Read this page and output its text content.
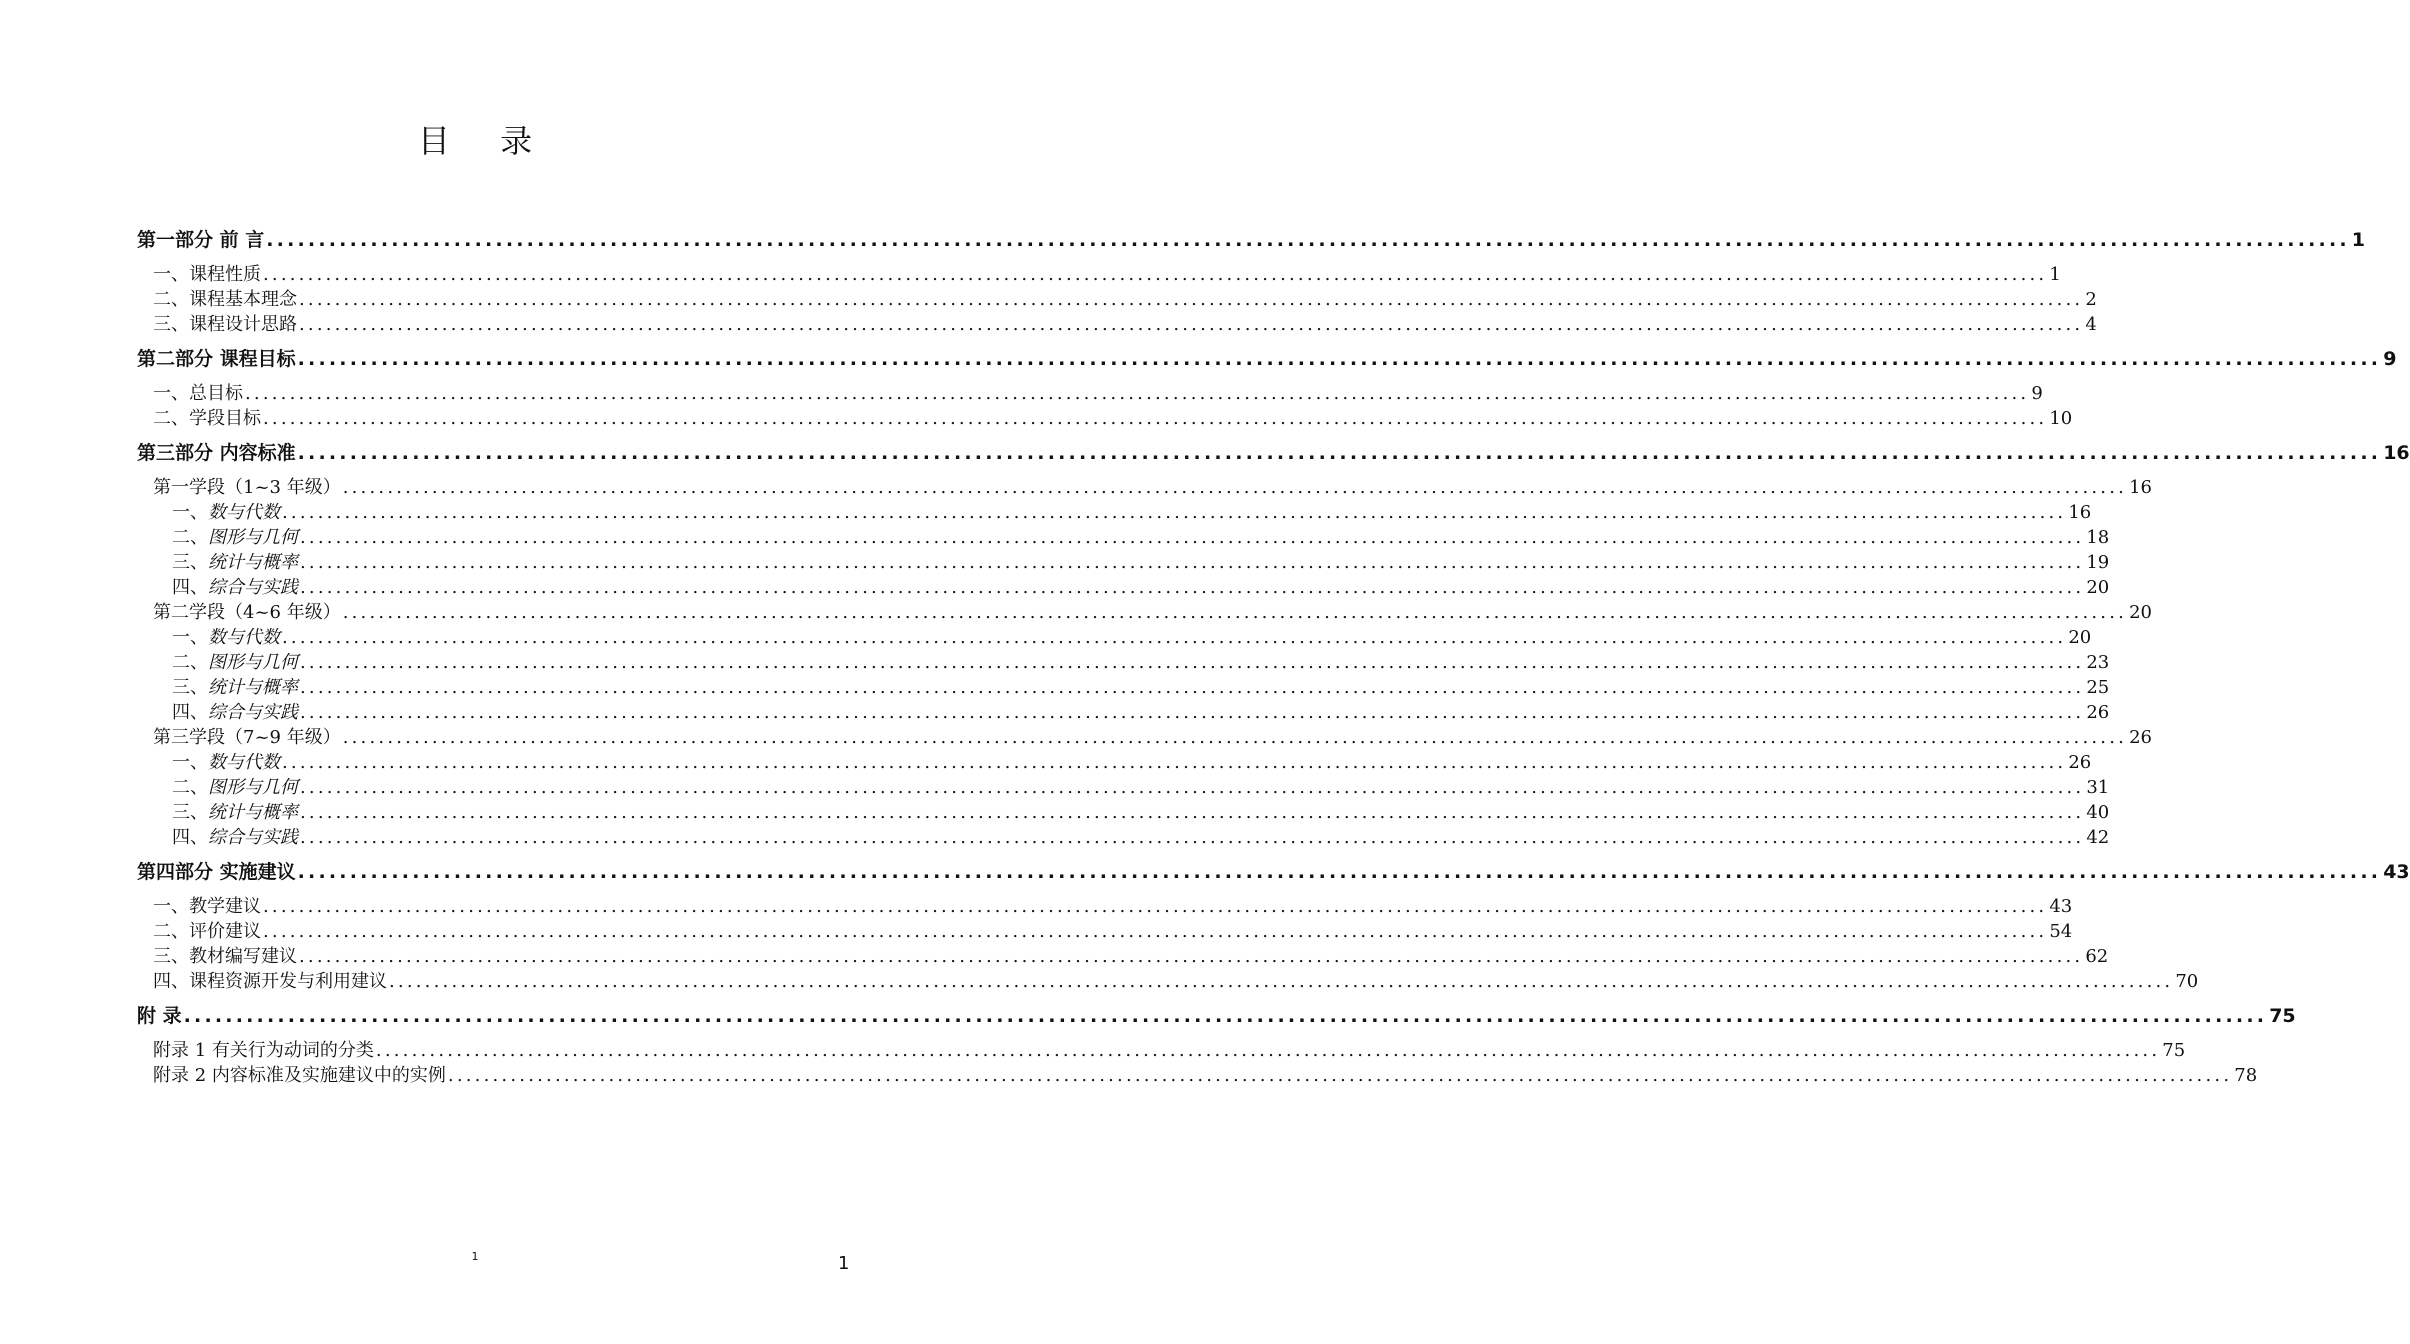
目 录
第一部分 前 言 ........................................................................................................................................................................................................ 1
一、课程性质 ........................................................................................................................................................................................................ 1
二、课程基本理念 ........................................................................................................................................................................................................ 2
三、课程设计思路 ........................................................................................................................................................................................................ 4
第二部分 课程目标 ........................................................................................................................................................................................................ 9
一、总目标 ........................................................................................................................................................................................................ 9
二、学段目标 ........................................................................................................................................................................................................ 10
第三部分 内容标准 ........................................................................................................................................................................................................ 16
第一学段（1~3 年级） ........................................................................................................................................................................................................ 16
一、数与代数 ........................................................................................................................................................................................................ 16
二、图形与几何 ........................................................................................................................................................................................................ 18
三、统计与概率 ........................................................................................................................................................................................................ 19
四、综合与实践 ........................................................................................................................................................................................................ 20
第二学段（4~6 年级） ........................................................................................................................................................................................................ 20
一、数与代数 ........................................................................................................................................................................................................ 20
二、图形与几何 ........................................................................................................................................................................................................ 23
三、统计与概率 ........................................................................................................................................................................................................ 25
四、综合与实践 ........................................................................................................................................................................................................ 26
第三学段（7~9 年级） ........................................................................................................................................................................................................ 26
一、数与代数 ........................................................................................................................................................................................................ 26
二、图形与几何 ........................................................................................................................................................................................................ 31
三、统计与概率 ........................................................................................................................................................................................................ 40
四、综合与实践 ........................................................................................................................................................................................................ 42
第四部分 实施建议 ........................................................................................................................................................................................................ 43
一、教学建议 ........................................................................................................................................................................................................ 43
二、评价建议 ........................................................................................................................................................................................................ 54
三、教材编写建议 ........................................................................................................................................................................................................ 62
四、课程资源开发与利用建议 ........................................................................................................................................................................................................ 70
附 录 ........................................................................................................................................................................................................ 75
附录 1 有关行为动词的分类 ........................................................................................................................................................................................................ 75
附录 2 内容标准及实施建议中的实例 ........................................................................................................................................................................................................ 78
1	1
